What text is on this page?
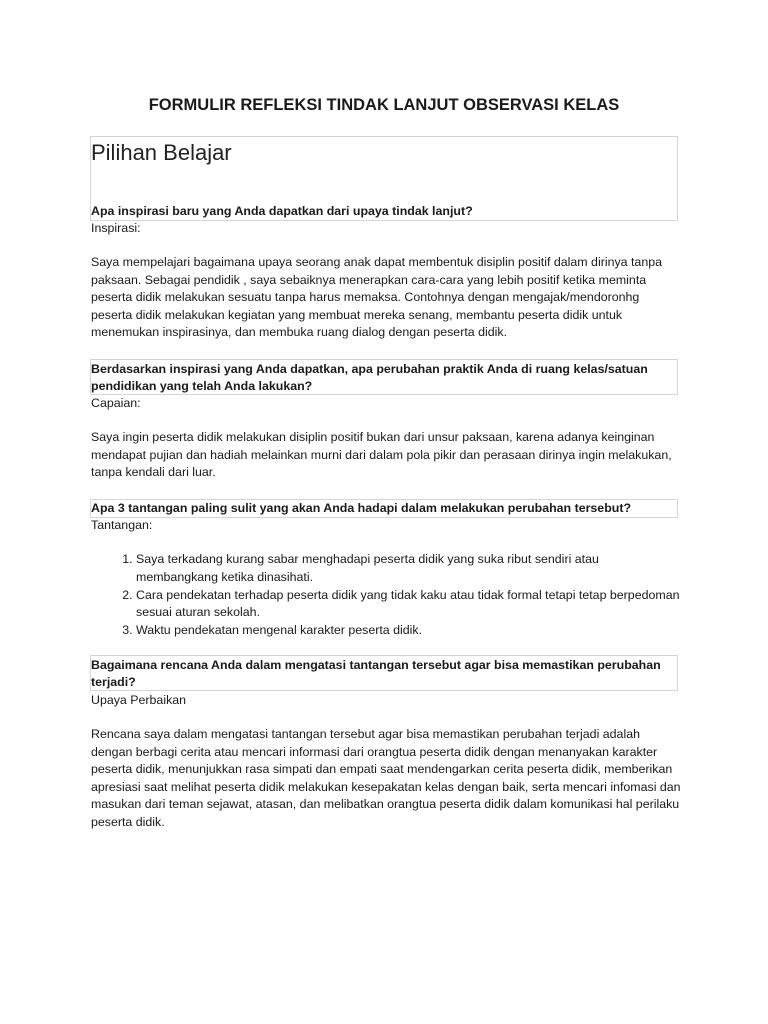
FORMULIR REFLEKSI TINDAK LANJUT OBSERVASI KELAS
Pilihan Belajar
Apa inspirasi baru yang Anda dapatkan dari upaya tindak lanjut?
Inspirasi:
Saya mempelajari bagaimana upaya seorang anak dapat membentuk disiplin positif dalam dirinya tanpa paksaan. Sebagai pendidik , saya sebaiknya menerapkan cara-cara yang lebih positif ketika meminta peserta didik melakukan sesuatu tanpa harus memaksa. Contohnya dengan mengajak/mendoronhg peserta didik melakukan kegiatan yang membuat mereka senang, membantu peserta didik untuk menemukan inspirasinya, dan membuka ruang dialog dengan peserta didik.
Berdasarkan inspirasi yang Anda dapatkan, apa perubahan praktik Anda di ruang kelas/satuan pendidikan yang telah Anda lakukan?
Capaian:
Saya ingin peserta didik melakukan disiplin positif bukan dari unsur paksaan, karena adanya keinginan mendapat pujian dan hadiah melainkan murni dari dalam pola pikir dan perasaan dirinya ingin melakukan, tanpa kendali dari luar.
Apa 3 tantangan paling sulit yang akan Anda hadapi dalam melakukan perubahan tersebut?
Tantangan:
1. Saya terkadang kurang sabar menghadapi peserta didik yang suka ribut sendiri atau membangkang ketika dinasihati.
2. Cara pendekatan terhadap peserta didik yang tidak kaku atau tidak formal tetapi tetap berpedoman sesuai aturan sekolah.
3. Waktu pendekatan mengenal karakter peserta didik.
Bagaimana rencana Anda dalam mengatasi tantangan tersebut agar bisa memastikan perubahan terjadi?
Upaya Perbaikan
Rencana saya dalam mengatasi tantangan tersebut agar bisa memastikan perubahan terjadi adalah dengan berbagi cerita atau mencari informasi dari orangtua peserta didik dengan menanyakan karakter peserta didik, menunjukkan rasa simpati dan empati saat mendengarkan cerita peserta didik, memberikan apresiasi saat melihat peserta didik melakukan kesepakatan kelas dengan baik, serta mencari infomasi dan masukan dari teman sejawat, atasan, dan melibatkan orangtua peserta didik dalam komunikasi hal perilaku peserta didik.
